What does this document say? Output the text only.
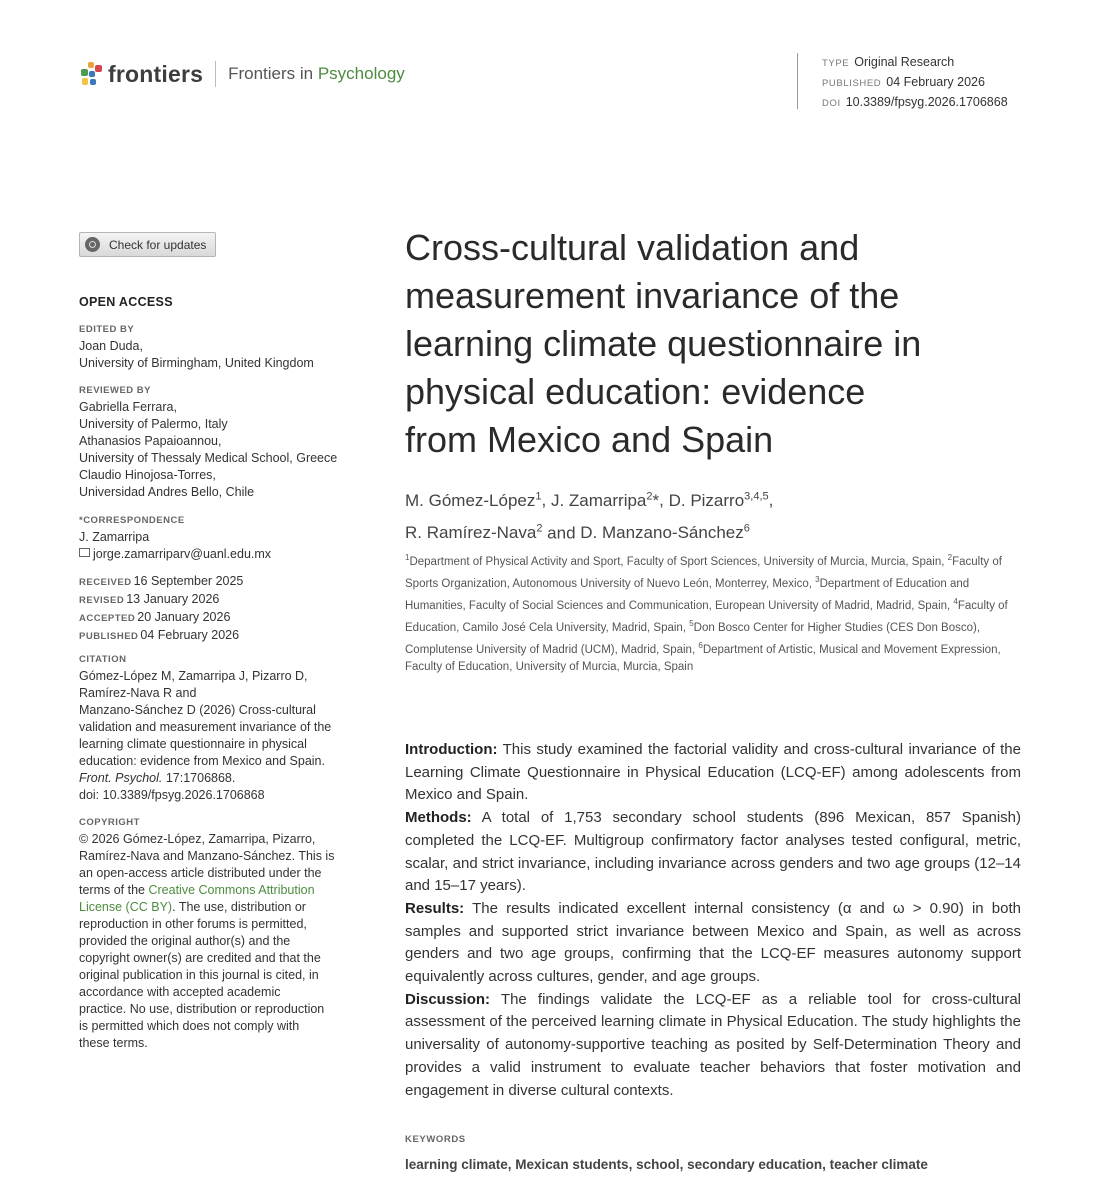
frontiers Frontiers in Psychology
TYPE Original Research
PUBLISHED 04 February 2026
DOI 10.3389/fpsyg.2026.1706868
Check for updates
OPEN ACCESS
EDITED BY
Joan Duda,
University of Birmingham, United Kingdom
REVIEWED BY
Gabriella Ferrara,
University of Palermo, Italy
Athanasios Papaioannou,
University of Thessaly Medical School, Greece
Claudio Hinojosa-Torres,
Universidad Andres Bello, Chile
*CORRESPONDENCE
J. Zamarripa
jorge.zamarriparv@uanl.edu.mx
RECEIVED 16 September 2025
REVISED 13 January 2026
ACCEPTED 20 January 2026
PUBLISHED 04 February 2026
CITATION
Gómez-López M, Zamarripa J, Pizarro D,
Ramírez-Nava R and
Manzano-Sánchez D (2026) Cross-cultural
validation and measurement invariance of the
learning climate questionnaire in physical
education: evidence from Mexico and Spain.
Front. Psychol. 17:1706868.
doi: 10.3389/fpsyg.2026.1706868
COPYRIGHT
© 2026 Gómez-López, Zamarripa, Pizarro,
Ramírez-Nava and Manzano-Sánchez. This is
an open-access article distributed under the
terms of the Creative Commons Attribution
License (CC BY). The use, distribution or
reproduction in other forums is permitted,
provided the original author(s) and the
copyright owner(s) are credited and that the
original publication in this journal is cited, in
accordance with accepted academic
practice. No use, distribution or reproduction
is permitted which does not comply with
these terms.
Cross-cultural validation and
measurement invariance of the
learning climate questionnaire in
physical education: evidence
from Mexico and Spain
M. Gómez-López$^1$, J. Zamarripa$^2$*, D. Pizarro$^{3,4,5}$,
R. Ramírez-Nava$^2$ and D. Manzano-Sánchez$^6$
$^1$Department of Physical Activity and Sport, Faculty of Sport Sciences, University of Murcia, Murcia, Spain, $^2$Faculty of Sports Organization, Autonomous University of Nuevo León, Monterrey, Mexico, $^3$Department of Education and Humanities, Faculty of Social Sciences and Communication, European University of Madrid, Madrid, Spain, $^4$Faculty of Education, Camilo José Cela University, Madrid, Spain, $^5$Don Bosco Center for Higher Studies (CES Don Bosco), Complutense University of Madrid (UCM), Madrid, Spain, $^6$Department of Artistic, Musical and Movement Expression, Faculty of Education, University of Murcia, Murcia, Spain

Introduction: This study examined the factorial validity and cross-cultural invariance of the Learning Climate Questionnaire in Physical Education (LCQ-EF) among adolescents from Mexico and Spain.

Methods: A total of 1,753 secondary school students (896 Mexican, 857 Spanish) completed the LCQ-EF. Multigroup confirmatory factor analyses tested configural, metric, scalar, and strict invariance, including invariance across genders and two age groups (12–14 and 15–17 years).

Results: The results indicated excellent internal consistency (α and ω > 0.90) in both samples and supported strict invariance between Mexico and Spain, as well as across genders and two age groups, confirming that the LCQ-EF measures autonomy support equivalently across cultures, gender, and age groups.

Discussion: The findings validate the LCQ-EF as a reliable tool for cross-cultural assessment of the perceived learning climate in Physical Education. The study highlights the universality of autonomy-supportive teaching as posited by Self-Determination Theory and provides a valid instrument to evaluate teacher behaviors that foster motivation and engagement in diverse cultural contexts.

KEYWORDS
learning climate, Mexican students, school, secondary education, teacher climate
